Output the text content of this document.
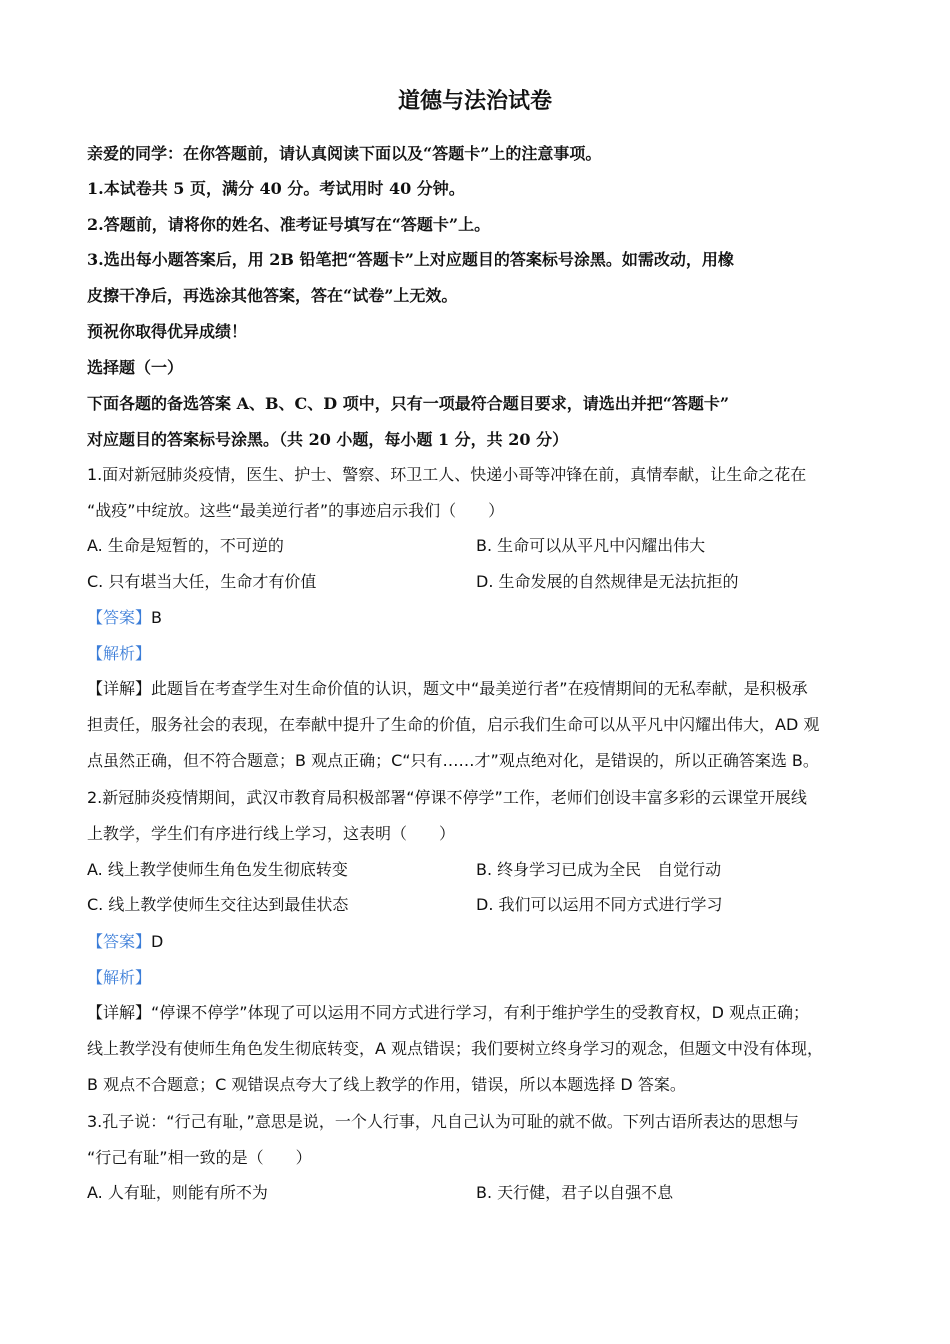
道德与法治试卷
亲爱的同学：在你答题前，请认真阅读下面以及“答题卡”上的注意事项。
1.本试卷共 5 页，满分 40 分。考试用时 40 分钟。
2.答题前，请将你的姓名、准考证号填写在“答题卡”上。
3.选出每小题答案后，用 2B 铅笔把“答题卡”上对应题目的答案标号涂黑。如需改动，用橡
皮擦干净后，再选涂其他答案，答在“试卷”上无效。
预祝你取得优异成绩！
选择题（一）
下面各题的备选答案 A、B、C、D 项中，只有一项最符合题目要求，请选出并把“答题卡”
对应题目的答案标号涂黑。（共 20 小题，每小题 1 分，共 20 分）
1.面对新冠肺炎疫情，医生、护士、警察、环卫工人、快递小哥等冲锋在前，真情奉献，让生命之花在
“战疫”中绽放。这些“最美逆行者”的事迹启示我们（　　）
A. 生命是短暂的，不可逆的	B. 生命可以从平凡中闪耀出伟大
C. 只有堪当大任，生命才有价值	D. 生命发展的自然规律是无法抗拒的
【答案】B
【解析】
【详解】此题旨在考查学生对生命价值的认识，题文中“最美逆行者”在疫情期间的无私奉献，是积极承
担责任，服务社会的表现，在奉献中提升了生命的价值，启示我们生命可以从平凡中闪耀出伟大，AD 观
点虽然正确，但不符合题意；B 观点正确；C“只有……才”观点绝对化，是错误的，所以正确答案选 B。
2.新冠肺炎疫情期间，武汉市教育局积极部署“停课不停学”工作，老师们创设丰富多彩的云课堂开展线
上教学，学生们有序进行线上学习，这表明（　　）
A. 线上教学使师生角色发生彻底转变	B. 终身学习已成为全民　自觉行动
C. 线上教学使师生交往达到最佳状态	D. 我们可以运用不同方式进行学习
【答案】D
【解析】
【详解】“停课不停学”体现了可以运用不同方式进行学习，有利于维护学生的受教育权，D 观点正确；
线上教学没有使师生角色发生彻底转变，A 观点错误；我们要树立终身学习的观念，但题文中没有体现，
B 观点不合题意；C 观错误点夸大了线上教学的作用，错误，所以本题选择 D 答案。
3.孔子说：“行己有耻，”意思是说，一个人行事，凡自己认为可耻的就不做。下列古语所表达的思想与
“行己有耻”相一致的是（　　）
A. 人有耻，则能有所不为	B. 天行健，君子以自强不息
